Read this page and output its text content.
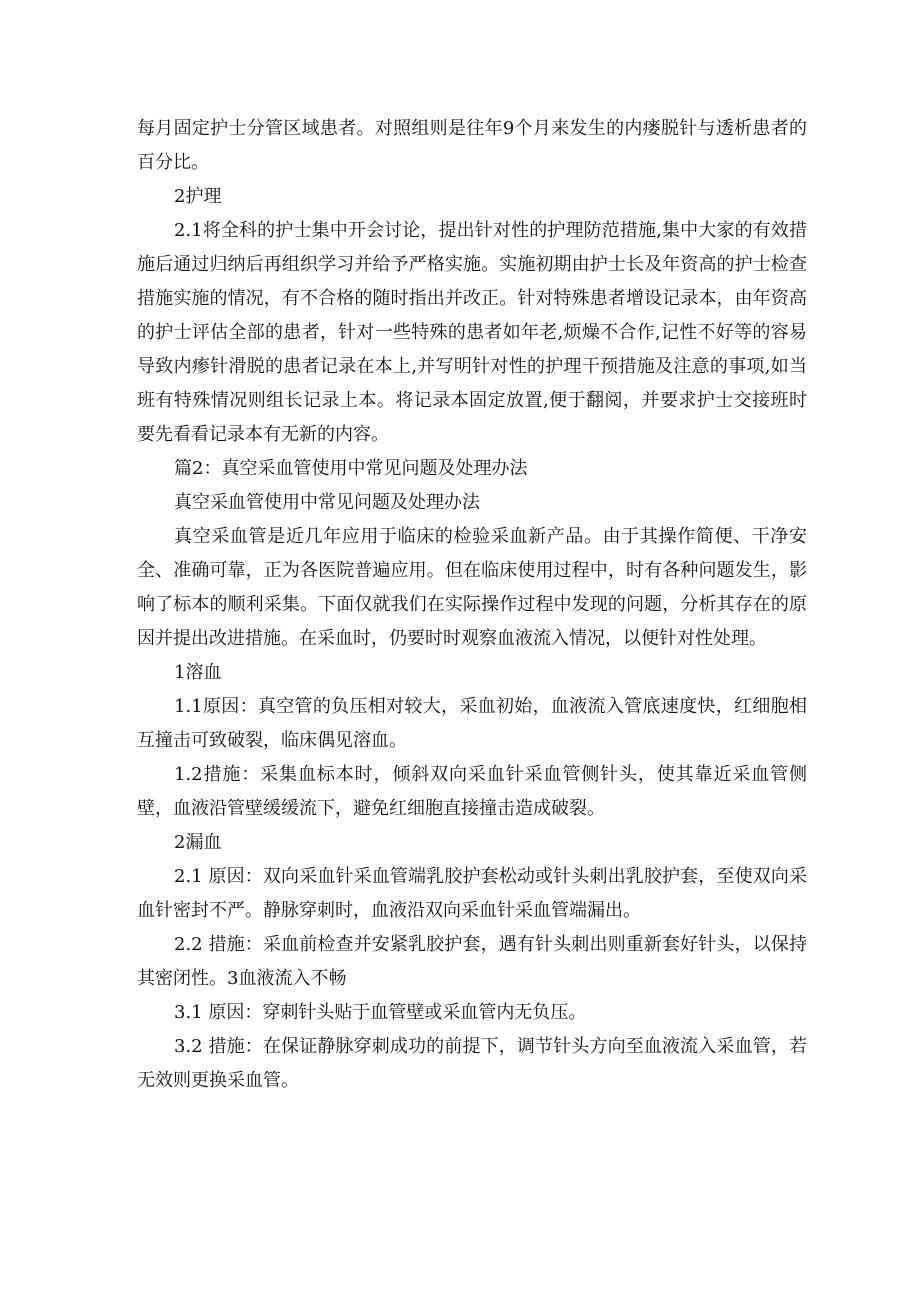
每月固定护士分管区域患者。对照组则是往年9个月来发生的内瘘脱针与透析患者的百分比。

2护理

2.1将全科的护士集中开会讨论，提出针对性的护理防范措施,集中大家的有效措施后通过归纳后再组织学习并给予严格实施。实施初期由护士长及年资高的护士检查措施实施的情况，有不合格的随时指出并改正。针对特殊患者增设记录本，由年资高的护士评估全部的患者，针对一些特殊的患者如年老,烦燥不合作,记性不好等的容易导致内瘆针滑脱的患者记录在本上,并写明针对性的护理干预措施及注意的事项,如当班有特殊情况则组长记录上本。将记录本固定放置,便于翻阅，并要求护士交接班时要先看看记录本有无新的内容。

篇2：真空采血管使用中常见问题及处理办法

真空采血管使用中常见问题及处理办法

真空采血管是近几年应用于临床的检验采血新产品。由于其操作简便、干净安全、准确可靠，正为各医院普遍应用。但在临床使用过程中，时有各种问题发生，影响了标本的顺利采集。下面仅就我们在实际操作过程中发现的问题，分析其存在的原因并提出改进措施。在采血时，仍要时时观察血液流入情况，以便针对性处理。

1溶血

1.1原因：真空管的负压相对较大，采血初始，血液流入管底速度快，红细胞相互撞击可致破裂，临床偶见溶血。

1.2措施：采集血标本时，倾斜双向采血针采血管侧针头，使其靠近采血管侧壁，血液沿管壁缓缓流下，避免红细胞直接撞击造成破裂。

2漏血

2.1 原因：双向采血针采血管端乳胶护套松动或针头刺出乳胶护套，至使双向采血针密封不严。静脉穿刺时，血液沿双向采血针采血管端漏出。

2.2 措施：采血前检查并安紧乳胶护套，遇有针头刺出则重新套好针头，以保持其密闭性。3血液流入不畅

3.1 原因：穿刺针头贴于血管壁或采血管内无负压。

3.2 措施：在保证静脉穿刺成功的前提下，调节针头方向至血液流入采血管，若无效则更换采血管。
